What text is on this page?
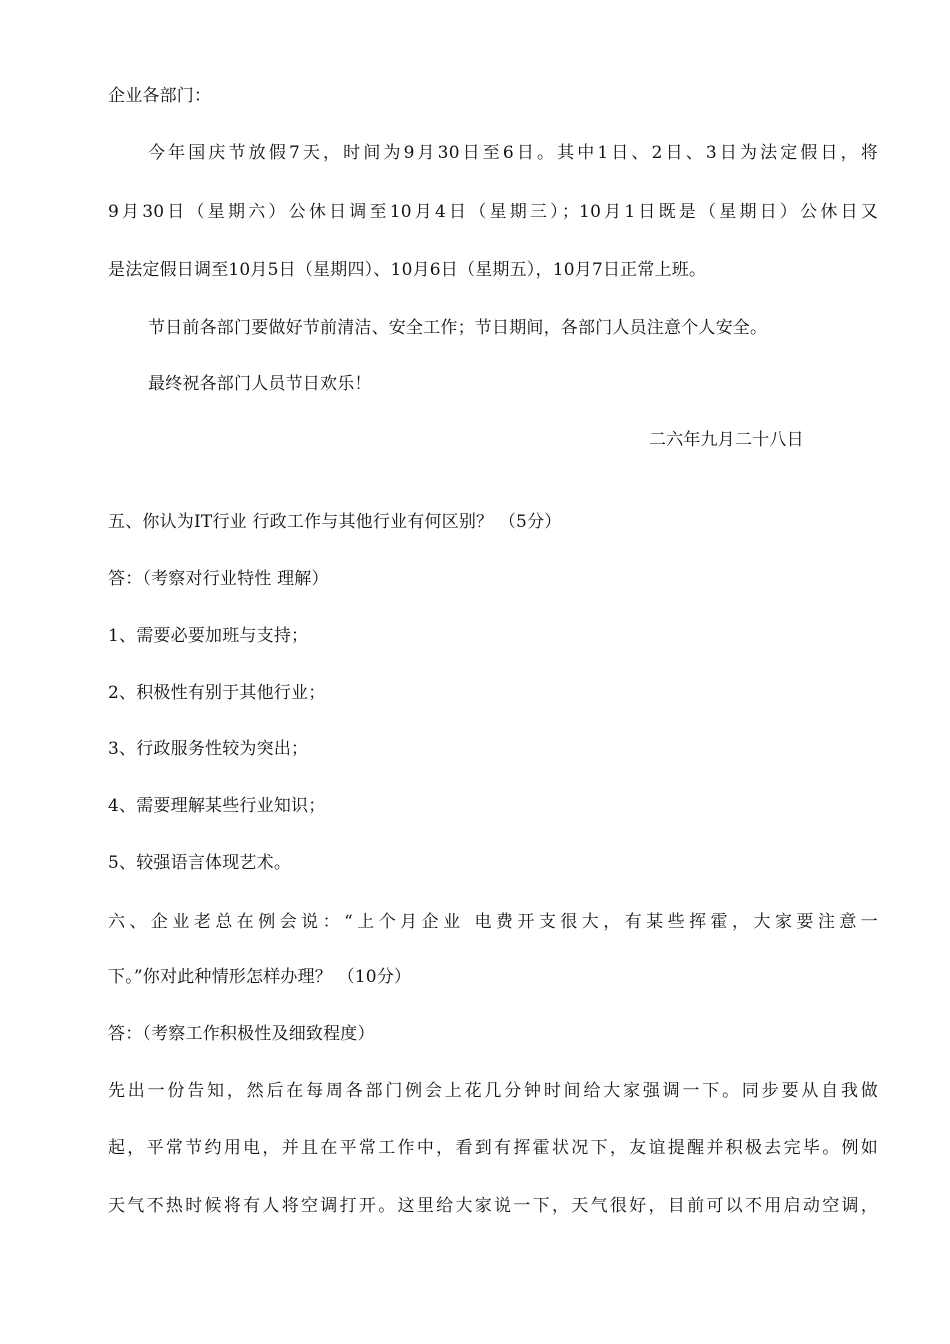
企业各部门：
今年国庆节放假7天，时间为9月30日至6日。其中1日、2日、3日为法定假日，将
9月30日（星期六）公休日调至10月4日（星期三）；10月1日既是（星期日）公休日又
是法定假日调至10月5日（星期四）、10月6日（星期五），10月7日正常上班。
节日前各部门要做好节前清洁、安全工作；节日期间，各部门人员注意个人安全。
最终祝各部门人员节日欢乐！
二六年九月二十八日
五、你认为IT行业 行政工作与其他行业有何区别？ （5分）
答：（考察对行业特性 理解）
1、需要必要加班与支持；
2、积极性有别于其他行业；
3、行政服务性较为突出；
4、需要理解某些行业知识；
5、较强语言体现艺术。
六、企业老总在例会说：“上个月企业 电费开支很大，有某些挥霍，大家要注意一
下。”你对此种情形怎样办理？ （10分）
答：（考察工作积极性及细致程度）
先出一份告知，然后在每周各部门例会上花几分钟时间给大家强调一下。同步要从自我做
起，平常节约用电，并且在平常工作中，看到有挥霍状况下，友谊提醒并积极去完毕。例如
天气不热时候将有人将空调打开。这里给大家说一下，天气很好，目前可以不用启动空调，
